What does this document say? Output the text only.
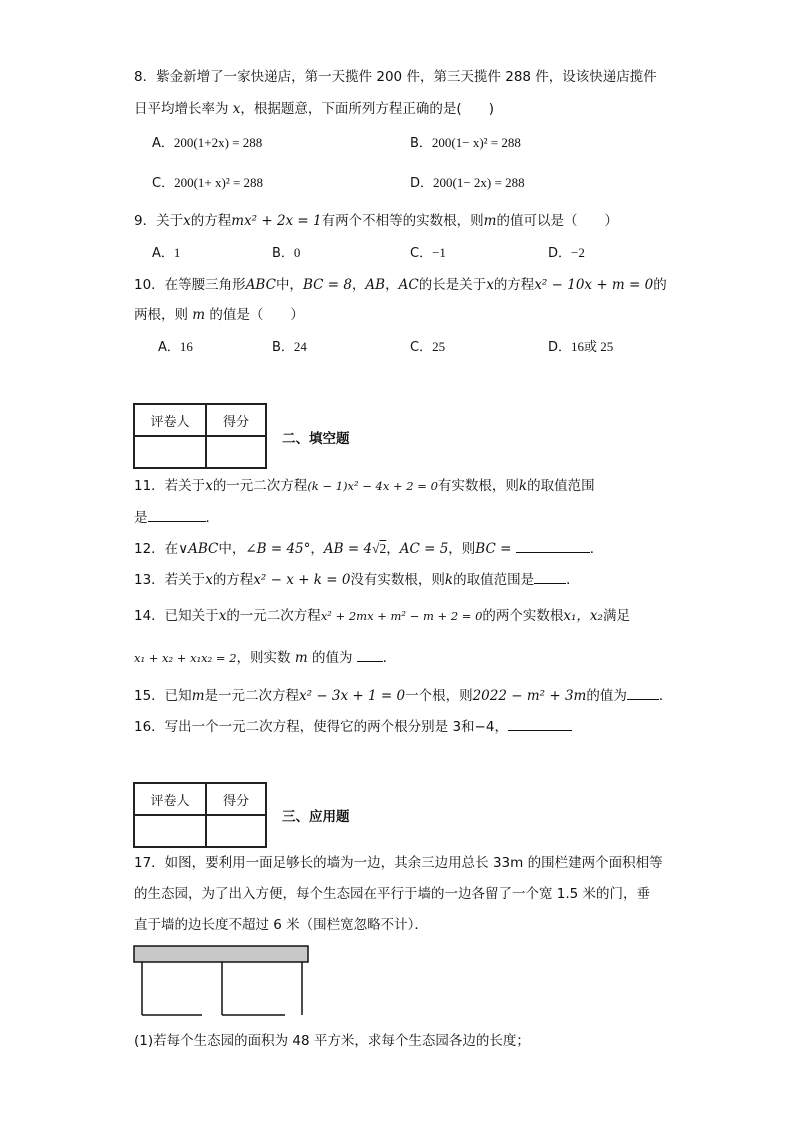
8．紫金新增了一家快递店，第一天揽件 200 件，第三天揽件 288 件，设该快递店揽件
日平均增长率为 x，根据题意，下面所列方程正确的是(　　)
A．200(1+2x) = 288	B．200(1− x)² = 288
C．200(1+ x)² = 288	D．200(1− 2x) = 288
9．关于x的方程mx² + 2x = 1有两个不相等的实数根，则m的值可以是（　　）
A．1	B．0	C．−1	D．−2
10．在等腰三角形ABC中，BC = 8，AB，AC的长是关于x的方程x² − 10x + m = 0的
两根，则 m 的值是（　　）
A．16	B．24	C．25	D．16或 25
评卷人	得分

二、填空题
11．若关于x的一元二次方程(k − 1)x² − 4x + 2 = 0有实数根，则k的取值范围
是	．
12．在∨ABC中，∠B = 45°，AB = 4√2，AC = 5，则BC =	．
13．若关于x的方程x² − x + k = 0没有实数根，则k的取值范围是 ．
14．已知关于x的一元二次方程x² + 2mx + m² − m + 2 = 0的两个实数根x₁，x₂满足
x₁ + x₂ + x₁x₂ = 2，则实数 m 的值为 ．
15．已知m是一元二次方程x² − 3x + 1 = 0一个根，则2022 − m² + 3m的值为 ．
16．写出一个一元二次方程，使得它的两个根分别是 3和−4，
评卷人	得分

三、应用题
17．如图，要利用一面足够长的墙为一边，其余三边用总长 33m 的围栏建两个面积相等
的生态园，为了出入方便，每个生态园在平行于墙的一边各留了一个宽 1.5 米的门，垂
直于墙的边长度不超过 6 米（围栏宽忽略不计）．
(1)若每个生态园的面积为 48 平方米，求每个生态园各边的长度；
